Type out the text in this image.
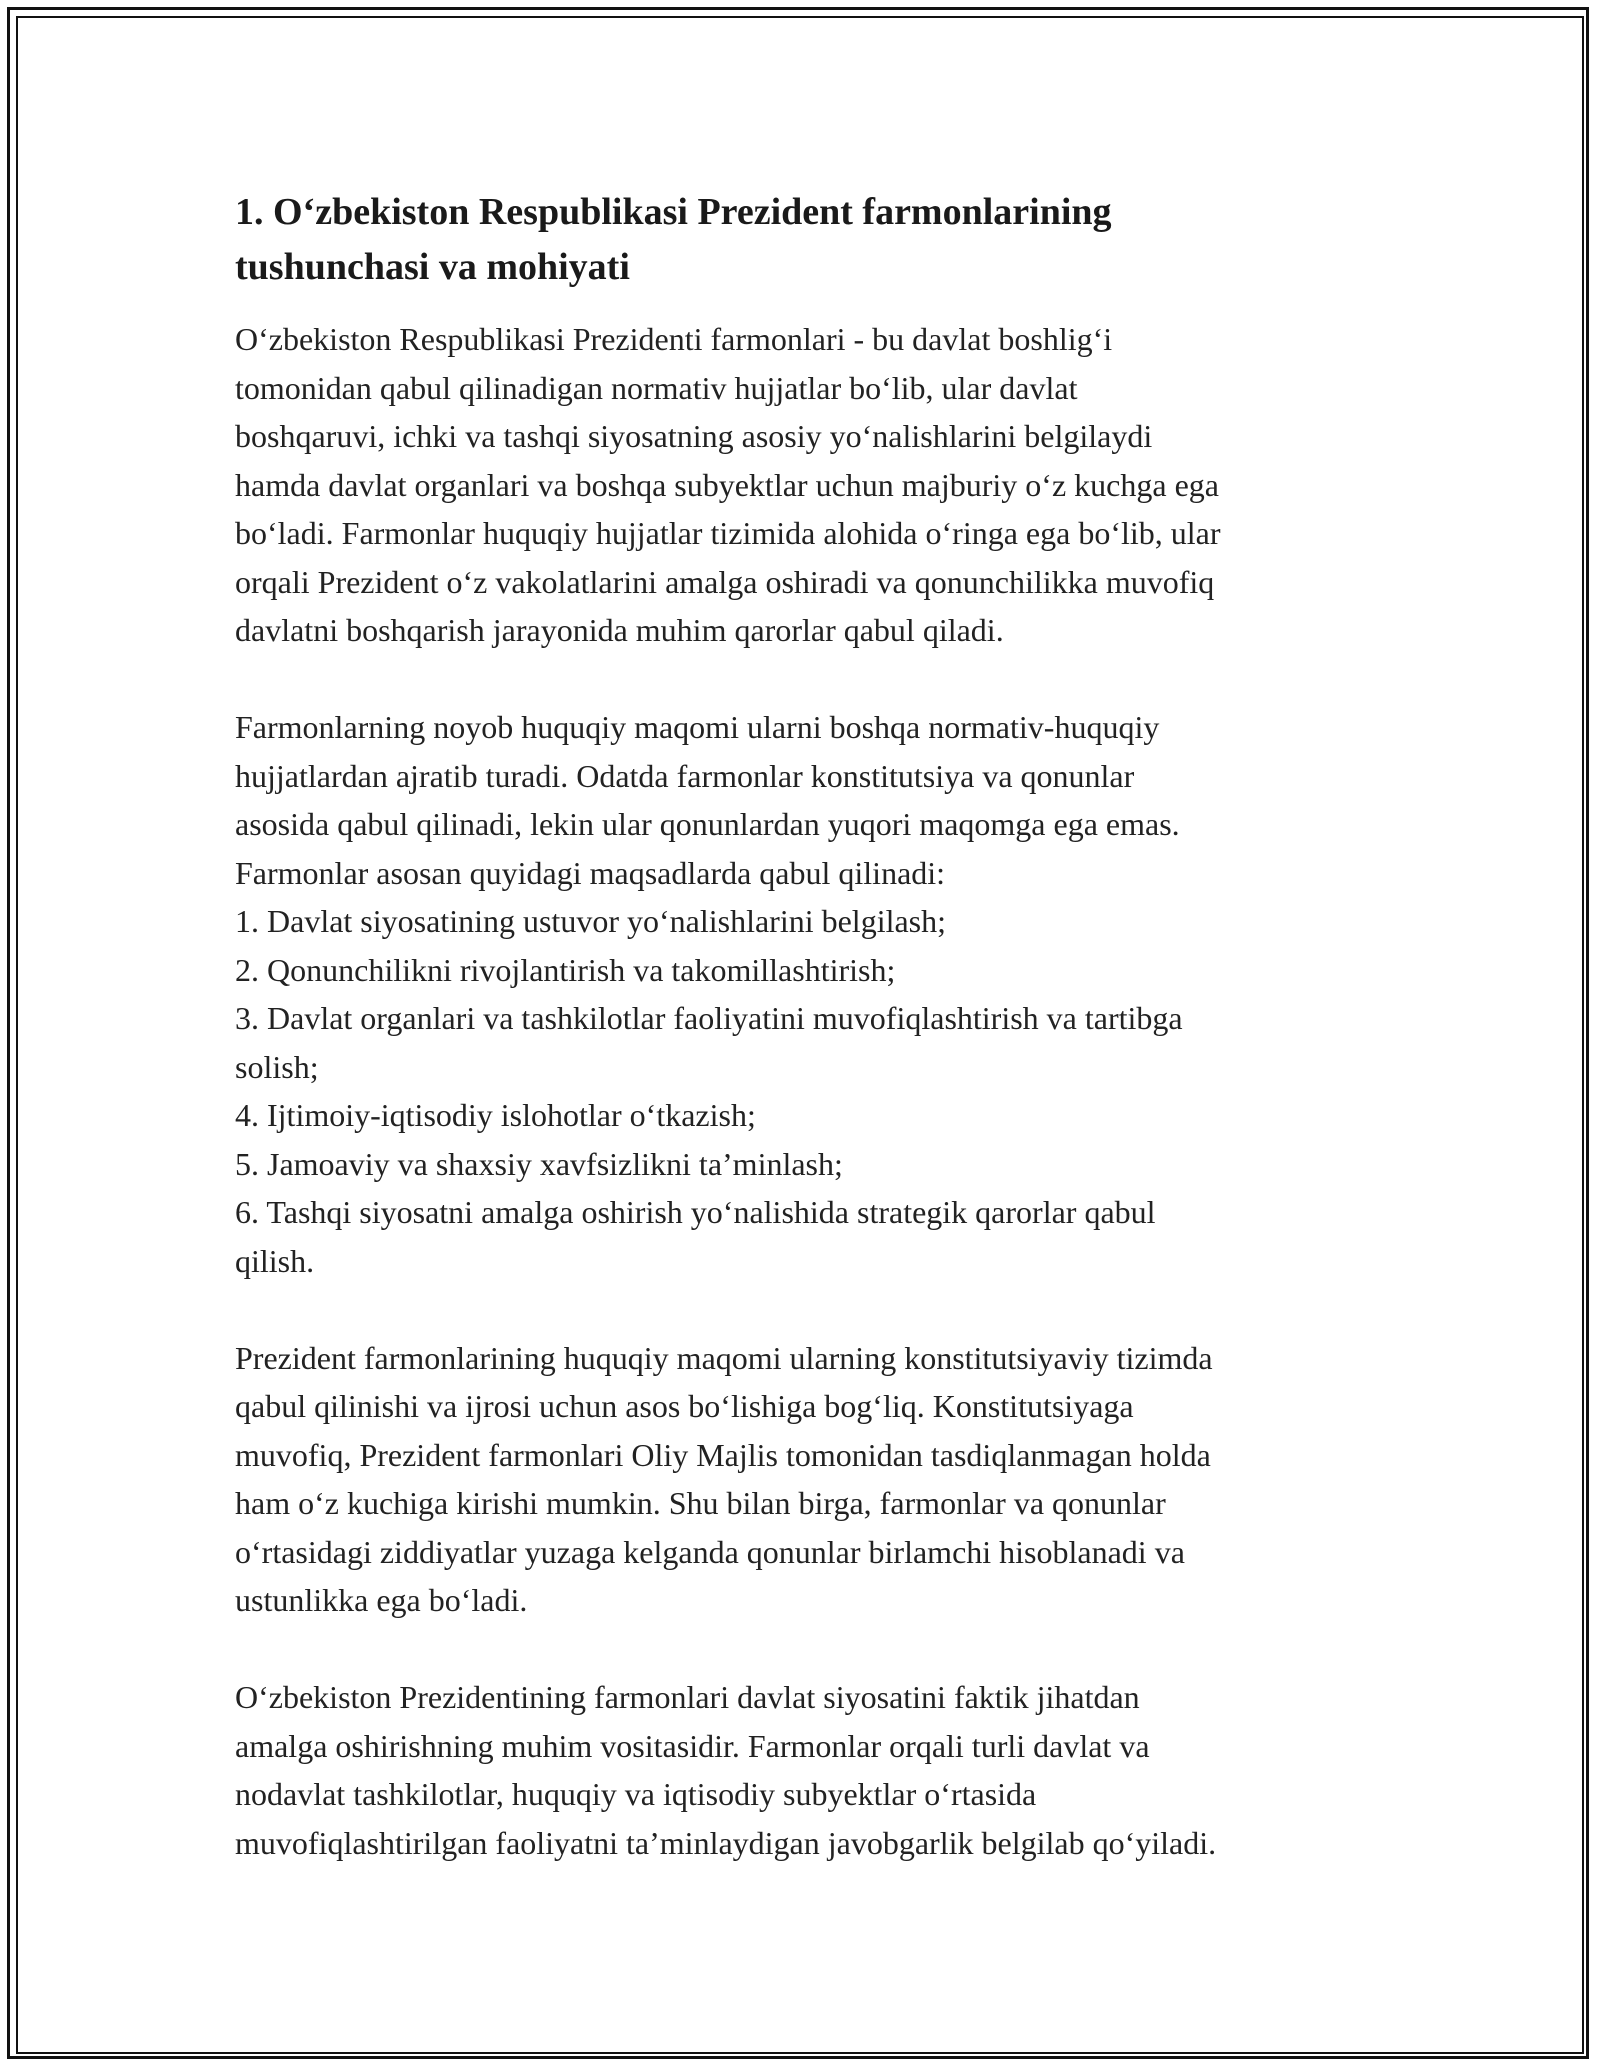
1. O‘zbekiston Respublikasi Prezident farmonlarining
tushunchasi va mohiyati
O‘zbekiston Respublikasi Prezidenti farmonlari - bu davlat boshlig‘i
tomonidan qabul qilinadigan normativ hujjatlar bo‘lib, ular davlat
boshqaruvi, ichki va tashqi siyosatning asosiy yo‘nalishlarini belgilaydi
hamda davlat organlari va boshqa subyektlar uchun majburiy o‘z kuchga ega
bo‘ladi. Farmonlar huquqiy hujjatlar tizimida alohida o‘ringa ega bo‘lib, ular
orqali Prezident o‘z vakolatlarini amalga oshiradi va qonunchilikka muvofiq
davlatni boshqarish jarayonida muhim qarorlar qabul qiladi.
Farmonlarning noyob huquqiy maqomi ularni boshqa normativ-huquqiy
hujjatlardan ajratib turadi. Odatda farmonlar konstitutsiya va qonunlar
asosida qabul qilinadi, lekin ular qonunlardan yuqori maqomga ega emas.
Farmonlar asosan quyidagi maqsadlarda qabul qilinadi:
1. Davlat siyosatining ustuvor yo‘nalishlarini belgilash;
2. Qonunchilikni rivojlantirish va takomillashtirish;
3. Davlat organlari va tashkilotlar faoliyatini muvofiqlashtirish va tartibga
solish;
4. Ijtimoiy-iqtisodiy islohotlar o‘tkazish;
5. Jamoaviy va shaxsiy xavfsizlikni ta’minlash;
6. Tashqi siyosatni amalga oshirish yo‘nalishida strategik qarorlar qabul
qilish.
Prezident farmonlarining huquqiy maqomi ularning konstitutsiyaviy tizimda
qabul qilinishi va ijrosi uchun asos bo‘lishiga bog‘liq. Konstitutsiyaga
muvofiq, Prezident farmonlari Oliy Majlis tomonidan tasdiqlanmagan holda
ham o‘z kuchiga kirishi mumkin. Shu bilan birga, farmonlar va qonunlar
o‘rtasidagi ziddiyatlar yuzaga kelganda qonunlar birlamchi hisoblanadi va
ustunlikka ega bo‘ladi.
O‘zbekiston Prezidentining farmonlari davlat siyosatini faktik jihatdan
amalga oshirishning muhim vositasidir. Farmonlar orqali turli davlat va
nodavlat tashkilotlar, huquqiy va iqtisodiy subyektlar o‘rtasida
muvofiqlashtirilgan faoliyatni ta’minlaydigan javobgarlik belgilab qo‘yiladi.
